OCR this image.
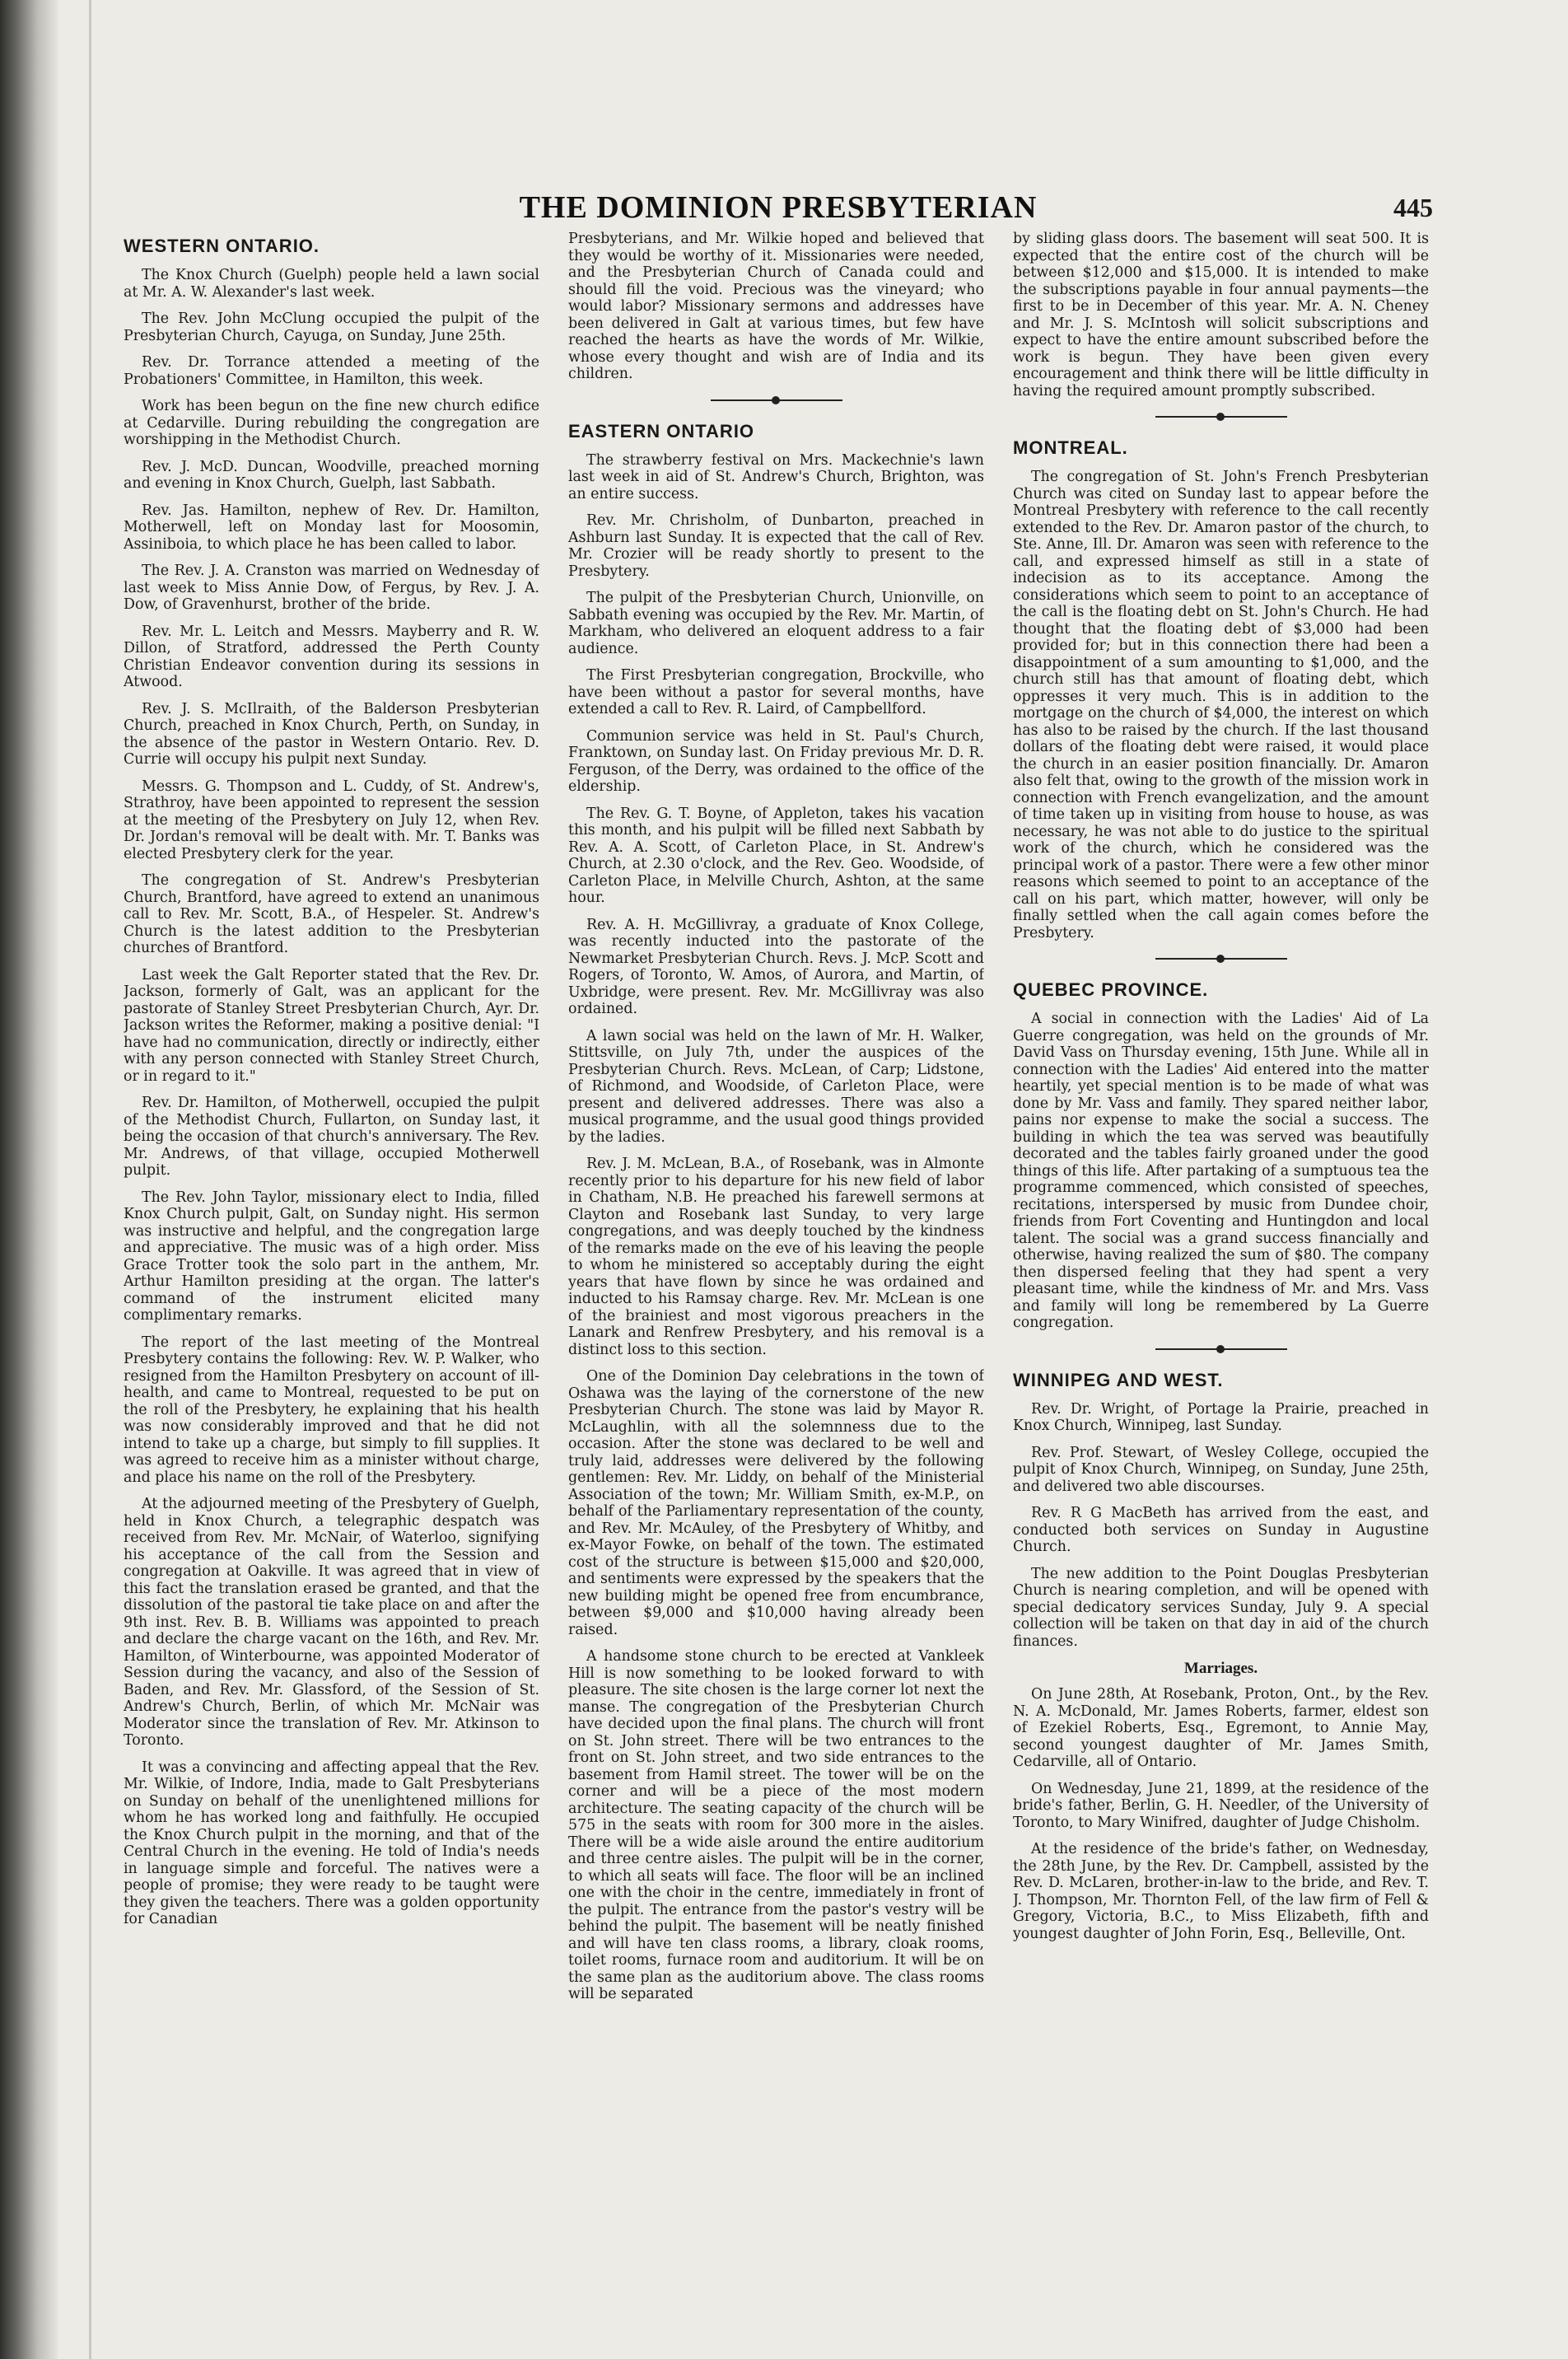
THE DOMINION PRESBYTERIAN	445
WESTERN ONTARIO.

The Knox Church (Guelph) people held a lawn social at Mr. A. W. Alexander's last week.

The Rev. John McClung occupied the pulpit of the Presbyterian Church, Cayuga, on Sunday, June 25th.

Rev. Dr. Torrance attended a meeting of the Probationers' Committee, in Hamilton, this week.

Work has been begun on the fine new church edifice at Cedarville. During rebuilding the congregation are worshipping in the Methodist Church.

Rev. J. McD. Duncan, Woodville, preached morning and evening in Knox Church, Guelph, last Sabbath.

Rev. Jas. Hamilton, nephew of Rev. Dr. Hamilton, Motherwell, left on Monday last for Moosomin, Assiniboia, to which place he has been called to labor.

The Rev. J. A. Cranston was married on Wednesday of last week to Miss Annie Dow, of Fergus, by Rev. J. A. Dow, of Gravenhurst, brother of the bride.

Rev. Mr. L. Leitch and Messrs. Mayberry and R. W. Dillon, of Stratford, addressed the Perth County Christian Endeavor convention during its sessions in Atwood.

Rev. J. S. McIlraith, of the Balderson Presbyterian Church, preached in Knox Church, Perth, on Sunday, in the absence of the pastor in Western Ontario. Rev. D. Currie will occupy his pulpit next Sunday.

Messrs. G. Thompson and L. Cuddy, of St. Andrew's, Strathroy, have been appointed to represent the session at the meeting of the Presbytery on July 12, when Rev. Dr. Jordan's removal will be dealt with. Mr. T. Banks was elected Presbytery clerk for the year.

The congregation of St. Andrew's Presbyterian Church, Brantford, have agreed to extend an unanimous call to Rev. Mr. Scott, B.A., of Hespeler. St. Andrew's Church is the latest addition to the Presbyterian churches of Brantford.

Last week the Galt Reporter stated that the Rev. Dr. Jackson, formerly of Galt, was an applicant for the pastorate of Stanley Street Presbyterian Church, Ayr. Dr. Jackson writes the Reformer, making a positive denial: "I have had no communication, directly or indirectly, either with any person connected with Stanley Street Church, or in regard to it."

Rev. Dr. Hamilton, of Motherwell, occupied the pulpit of the Methodist Church, Fullarton, on Sunday last, it being the occasion of that church's anniversary. The Rev. Mr. Andrews, of that village, occupied Motherwell pulpit.

The Rev. John Taylor, missionary elect to India, filled Knox Church pulpit, Galt, on Sunday night. His sermon was instructive and helpful, and the congregation large and appreciative. The music was of a high order. Miss Grace Trotter took the solo part in the anthem, Mr. Arthur Hamilton presiding at the organ. The latter's command of the instrument elicited many complimentary remarks.

The report of the last meeting of the Montreal Presbytery contains the following: Rev. W. P. Walker, who resigned from the Hamilton Presbytery on account of ill-health, and came to Montreal, requested to be put on the roll of the Presbytery, he explaining that his health was now considerably improved and that he did not intend to take up a charge, but simply to fill supplies. It was agreed to receive him as a minister without charge, and place his name on the roll of the Presbytery.

At the adjourned meeting of the Presbytery of Guelph, held in Knox Church, a telegraphic despatch was received from Rev. Mr. McNair, of Waterloo, signifying his acceptance of the call from the Session and congregation at Oakville. It was agreed that in view of this fact the translation erased be granted, and that the dissolution of the pastoral tie take place on and after the 9th inst. Rev. B. B. Williams was appointed to preach and declare the charge vacant on the 16th, and Rev. Mr. Hamilton, of Winterbourne, was appointed Moderator of Session during the vacancy, and also of the Session of Baden, and Rev. Mr. Glassford, of the Session of St. Andrew's Church, Berlin, of which Mr. McNair was Moderator since the translation of Rev. Mr. Atkinson to Toronto.

It was a convincing and affecting appeal that the Rev. Mr. Wilkie, of Indore, India, made to Galt Presbyterians on Sunday on behalf of the unenlightened millions for whom he has worked long and faithfully. He occupied the Knox Church pulpit in the morning, and that of the Central Church in the evening. He told of India's needs in language simple and forceful. The natives were a people of promise; they were ready to be taught were they given the teachers. There was a golden opportunity for Canadian

Presbyterians, and Mr. Wilkie hoped and believed that they would be worthy of it. Missionaries were needed, and the Presbyterian Church of Canada could and should fill the void. Precious was the vineyard; who would labor? Missionary sermons and addresses have been delivered in Galt at various times, but few have reached the hearts as have the words of Mr. Wilkie, whose every thought and wish are of India and its children.

EASTERN ONTARIO

The strawberry festival on Mrs. Mackechnie's lawn last week in aid of St. Andrew's Church, Brighton, was an entire success.

Rev. Mr. Chrisholm, of Dunbarton, preached in Ashburn last Sunday. It is expected that the call of Rev. Mr. Crozier will be ready shortly to present to the Presbytery.

The pulpit of the Presbyterian Church, Unionville, on Sabbath evening was occupied by the Rev. Mr. Martin, of Markham, who delivered an eloquent address to a fair audience.

The First Presbyterian congregation, Brockville, who have been without a pastor for several months, have extended a call to Rev. R. Laird, of Campbellford.

Communion service was held in St. Paul's Church, Franktown, on Sunday last. On Friday previous Mr. D. R. Ferguson, of the Derry, was ordained to the office of the eldership.

The Rev. G. T. Boyne, of Appleton, takes his vacation this month, and his pulpit will be filled next Sabbath by Rev. A. A. Scott, of Carleton Place, in St. Andrew's Church, at 2.30 o'clock, and the Rev. Geo. Woodside, of Carleton Place, in Melville Church, Ashton, at the same hour.

Rev. A. H. McGillivray, a graduate of Knox College, was recently inducted into the pastorate of the Newmarket Presbyterian Church. Revs. J. McP. Scott and Rogers, of Toronto, W. Amos, of Aurora, and Martin, of Uxbridge, were present. Rev. Mr. McGillivray was also ordained.

A lawn social was held on the lawn of Mr. H. Walker, Stittsville, on July 7th, under the auspices of the Presbyterian Church. Revs. McLean, of Carp; Lidstone, of Richmond, and Woodside, of Carleton Place, were present and delivered addresses. There was also a musical programme, and the usual good things provided by the ladies.

Rev. J. M. McLean, B.A., of Rosebank, was in Almonte recently prior to his departure for his new field of labor in Chatham, N.B. He preached his farewell sermons at Clayton and Rosebank last Sunday, to very large congregations, and was deeply touched by the kindness of the remarks made on the eve of his leaving the people to whom he ministered so acceptably during the eight years that have flown by since he was ordained and inducted to his Ramsay charge. Rev. Mr. McLean is one of the brainiest and most vigorous preachers in the Lanark and Renfrew Presbytery, and his removal is a distinct loss to this section.

One of the Dominion Day celebrations in the town of Oshawa was the laying of the cornerstone of the new Presbyterian Church. The stone was laid by Mayor R. McLaughlin, with all the solemnness due to the occasion. After the stone was declared to be well and truly laid, addresses were delivered by the following gentlemen: Rev. Mr. Liddy, on behalf of the Ministerial Association of the town; Mr. William Smith, ex-M.P., on behalf of the Parliamentary representation of the county, and Rev. Mr. McAuley, of the Presbytery of Whitby, and ex-Mayor Fowke, on behalf of the town. The estimated cost of the structure is between $15,000 and $20,000, and sentiments were expressed by the speakers that the new building might be opened free from encumbrance, between $9,000 and $10,000 having already been raised.

A handsome stone church to be erected at Vankleek Hill is now something to be looked forward to with pleasure. The site chosen is the large corner lot next the manse. The congregation of the Presbyterian Church have decided upon the final plans. The church will front on St. John street. There will be two entrances to the front on St. John street, and two side entrances to the basement from Hamil street. The tower will be on the corner and will be a piece of the most modern architecture. The seating capacity of the church will be 575 in the seats with room for 300 more in the aisles. There will be a wide aisle around the entire auditorium and three centre aisles. The pulpit will be in the corner, to which all seats will face. The floor will be an inclined one with the choir in the centre, immediately in front of the pulpit. The entrance from the pastor's vestry will be behind the pulpit. The basement will be neatly finished and will have ten class rooms, a library, cloak rooms, toilet rooms, furnace room and auditorium. It will be on the same plan as the auditorium above. The class rooms will be separated

by sliding glass doors. The basement will seat 500. It is expected that the entire cost of the church will be between $12,000 and $15,000. It is intended to make the subscriptions payable in four annual payments—the first to be in December of this year. Mr. A. N. Cheney and Mr. J. S. McIntosh will solicit subscriptions and expect to have the entire amount subscribed before the work is begun. They have been given every encouragement and think there will be little difficulty in having the required amount promptly subscribed.

MONTREAL.

The congregation of St. John's French Presbyterian Church was cited on Sunday last to appear before the Montreal Presbytery with reference to the call recently extended to the Rev. Dr. Amaron pastor of the church, to Ste. Anne, Ill. Dr. Amaron was seen with reference to the call, and expressed himself as still in a state of indecision as to its acceptance. Among the considerations which seem to point to an acceptance of the call is the floating debt on St. John's Church. He had thought that the floating debt of $3,000 had been provided for; but in this connection there had been a disappointment of a sum amounting to $1,000, and the church still has that amount of floating debt, which oppresses it very much. This is in addition to the mortgage on the church of $4,000, the interest on which has also to be raised by the church. If the last thousand dollars of the floating debt were raised, it would place the church in an easier position financially. Dr. Amaron also felt that, owing to the growth of the mission work in connection with French evangelization, and the amount of time taken up in visiting from house to house, as was necessary, he was not able to do justice to the spiritual work of the church, which he considered was the principal work of a pastor. There were a few other minor reasons which seemed to point to an acceptance of the call on his part, which matter, however, will only be finally settled when the call again comes before the Presbytery.

QUEBEC PROVINCE.

A social in connection with the Ladies' Aid of La Guerre congregation, was held on the grounds of Mr. David Vass on Thursday evening, 15th June. While all in connection with the Ladies' Aid entered into the matter heartily, yet special mention is to be made of what was done by Mr. Vass and family. They spared neither labor, pains nor expense to make the social a success. The building in which the tea was served was beautifully decorated and the tables fairly groaned under the good things of this life. After partaking of a sumptuous tea the programme commenced, which consisted of speeches, recitations, interspersed by music from Dundee choir, friends from Fort Coventing and Huntingdon and local talent. The social was a grand success financially and otherwise, having realized the sum of $80. The company then dispersed feeling that they had spent a very pleasant time, while the kindness of Mr. and Mrs. Vass and family will long be remembered by La Guerre congregation.

WINNIPEG AND WEST.

Rev. Dr. Wright, of Portage la Prairie, preached in Knox Church, Winnipeg, last Sunday.

Rev. Prof. Stewart, of Wesley College, occupied the pulpit of Knox Church, Winnipeg, on Sunday, June 25th, and delivered two able discourses.

Rev. R G MacBeth has arrived from the east, and conducted both services on Sunday in Augustine Church.

The new addition to the Point Douglas Presbyterian Church is nearing completion, and will be opened with special dedicatory services Sunday, July 9. A special collection will be taken on that day in aid of the church finances.

Marriages.

On June 28th, At Rosebank, Proton, Ont., by the Rev. N. A. McDonald, Mr. James Roberts, farmer, eldest son of Ezekiel Roberts, Esq., Egremont, to Annie May, second youngest daughter of Mr. James Smith, Cedarville, all of Ontario.

On Wednesday, June 21, 1899, at the residence of the bride's father, Berlin, G. H. Needler, of the University of Toronto, to Mary Winifred, daughter of Judge Chisholm.

At the residence of the bride's father, on Wednesday, the 28th June, by the Rev. Dr. Campbell, assisted by the Rev. D. McLaren, brother-in-law to the bride, and Rev. T. J. Thompson, Mr. Thornton Fell, of the law firm of Fell & Gregory, Victoria, B.C., to Miss Elizabeth, fifth and youngest daughter of John Forin, Esq., Belleville, Ont.
